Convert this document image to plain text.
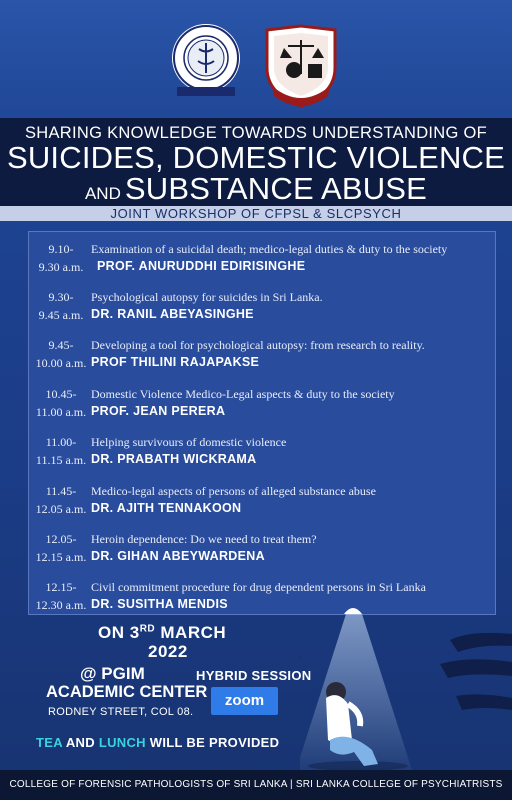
SHARING KNOWLEDGE TOWARDS UNDERSTANDING OF
SUICIDES, DOMESTIC VIOLENCE
AND SUBSTANCE ABUSE
JOINT WORKSHOP OF CFPSL & SLCPSYCH
9.10-
9.30 a.m.
Examination of a suicidal death; medico-legal duties & duty to the society
PROF. ANURUDDHI EDIRISINGHE
9.30-
9.45 a.m.
Psychological autopsy for suicides in Sri Lanka.
DR. RANIL ABEYASINGHE
9.45-
10.00 a.m.
Developing a tool for psychological autopsy: from research to reality.
PROF THILINI RAJAPAKSE
10.45-
11.00 a.m.
Domestic Violence Medico-Legal aspects & duty to the society
PROF. JEAN PERERA
11.00-
11.15 a.m.
Helping survivours of domestic violence
DR. PRABATH WICKRAMA
11.45-
12.05 a.m.
Medico-legal aspects of persons of alleged substance abuse
DR. AJITH TENNAKOON
12.05-
12.15 a.m.
Heroin dependence: Do we need to treat them?
DR. GIHAN ABEYWARDENA
12.15-
12.30 a.m.
Civil commitment procedure for drug dependent persons in Sri Lanka
DR. SUSITHA MENDIS
ON 3RD MARCH
2022
@ PGIM
ACADEMIC CENTER
RODNEY STREET, COL 08.
HYBRID SESSION
zoom
TEA AND LUNCH WILL BE PROVIDED
COLLEGE OF FORENSIC PATHOLOGISTS OF SRI LANKA | SRI LANKA COLLEGE OF PSYCHIATRISTS
